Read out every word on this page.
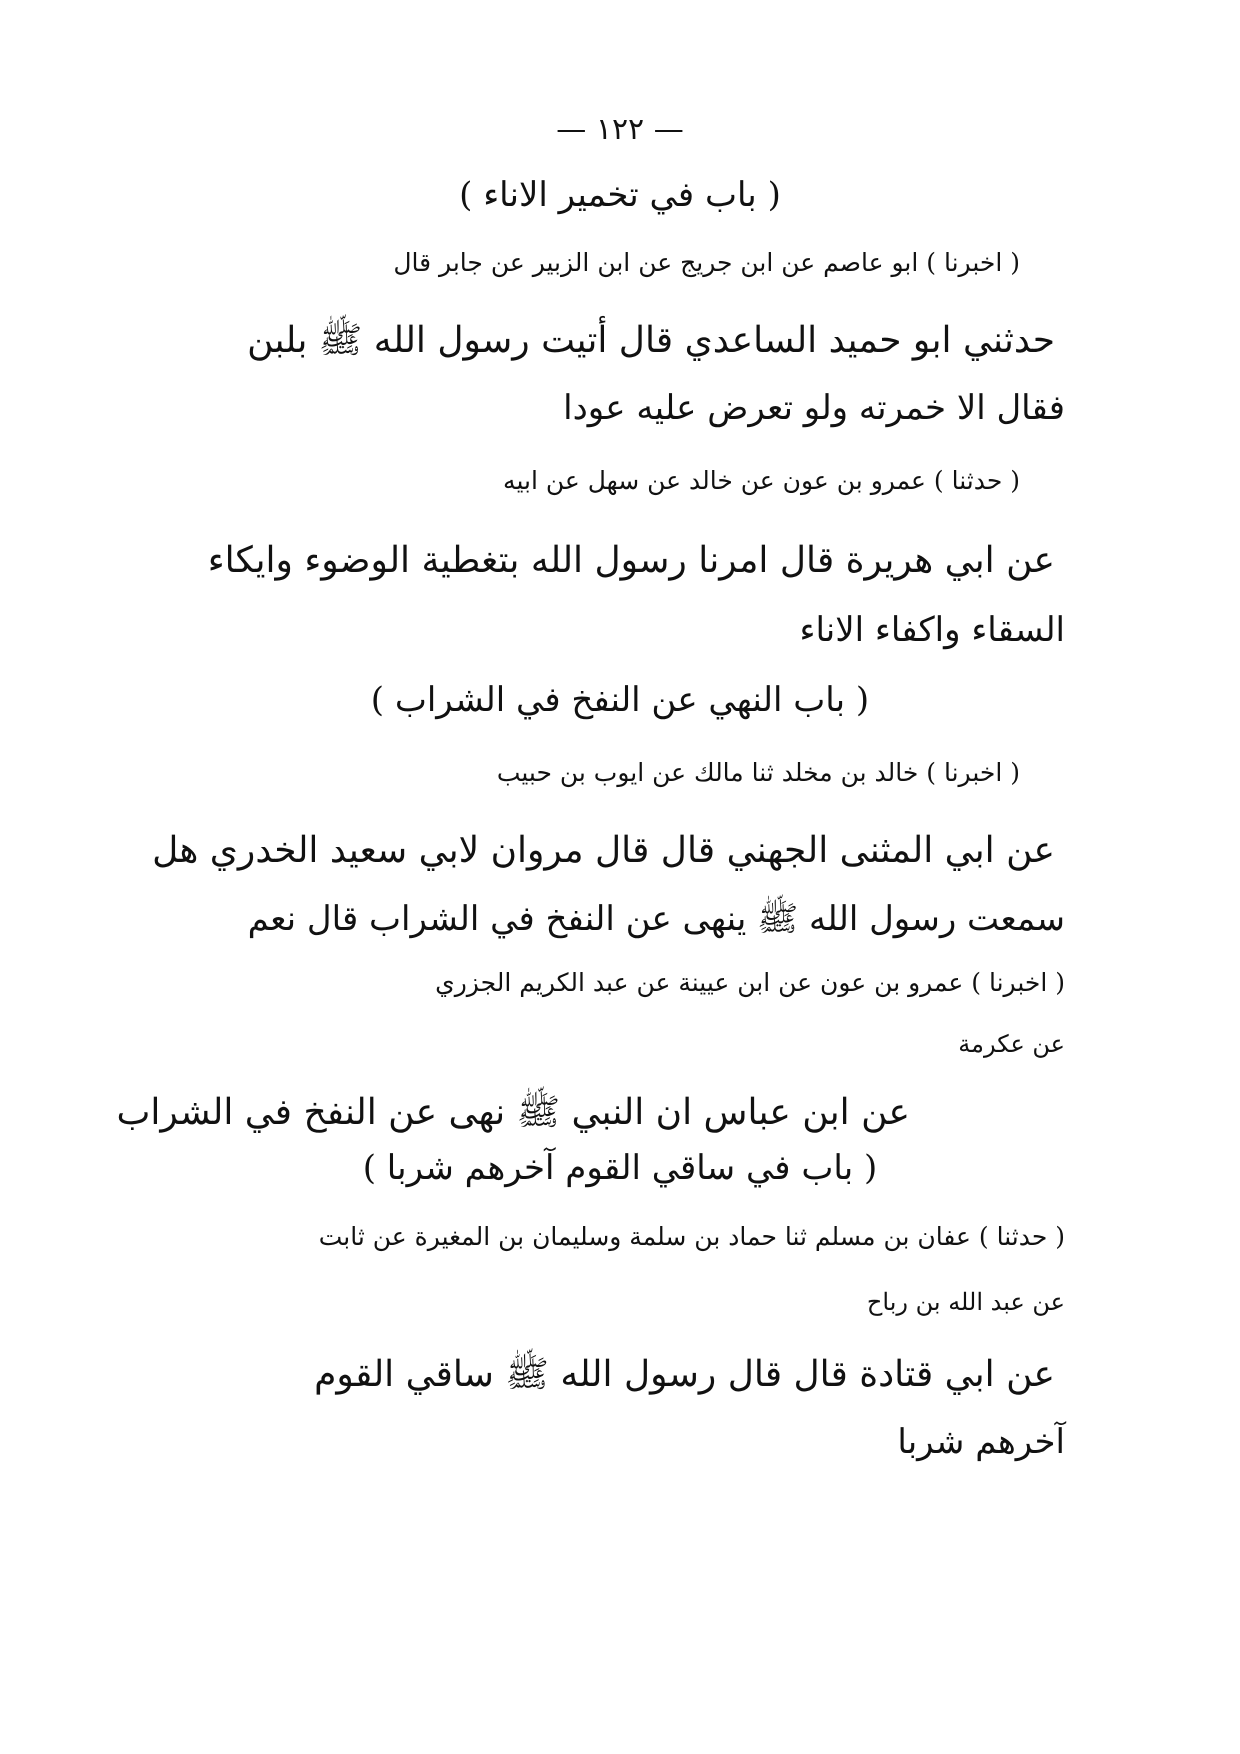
— ١٢٢ —
( باب في تخمير الاناء )
( اخبرنا ) ابو عاصم عن ابن جريج عن ابن الزبير عن جابر قال
حدثني ابو حميد الساعدي قال أتيت رسول الله ﷺ بلبن
فقال الا خمرته ولو تعرض عليه عودا
( حدثنا ) عمرو بن عون عن خالد عن سهل عن ابيه
عن ابي هريرة قال امرنا رسول الله بتغطية الوضوء وايكاء
السقاء واكفاء الاناء
( باب النهي عن النفخ في الشراب )
( اخبرنا ) خالد بن مخلد ثنا مالك عن ايوب بن حبيب
عن ابي المثنى الجهني قال قال مروان لابي سعيد الخدري هل
سمعت رسول الله ﷺ ينهى عن النفخ في الشراب قال نعم
( اخبرنا ) عمرو بن عون عن ابن عيينة عن عبد الكريم الجزري
عن عكرمة
عن ابن عباس ان النبي ﷺ نهى عن النفخ في الشراب
( باب في ساقي القوم آخرهم شربا )
( حدثنا ) عفان بن مسلم ثنا حماد بن سلمة وسليمان بن المغيرة عن ثابت
عن عبد الله بن رباح
عن ابي قتادة قال قال رسول الله ﷺ ساقي القوم
آخرهم شربا
